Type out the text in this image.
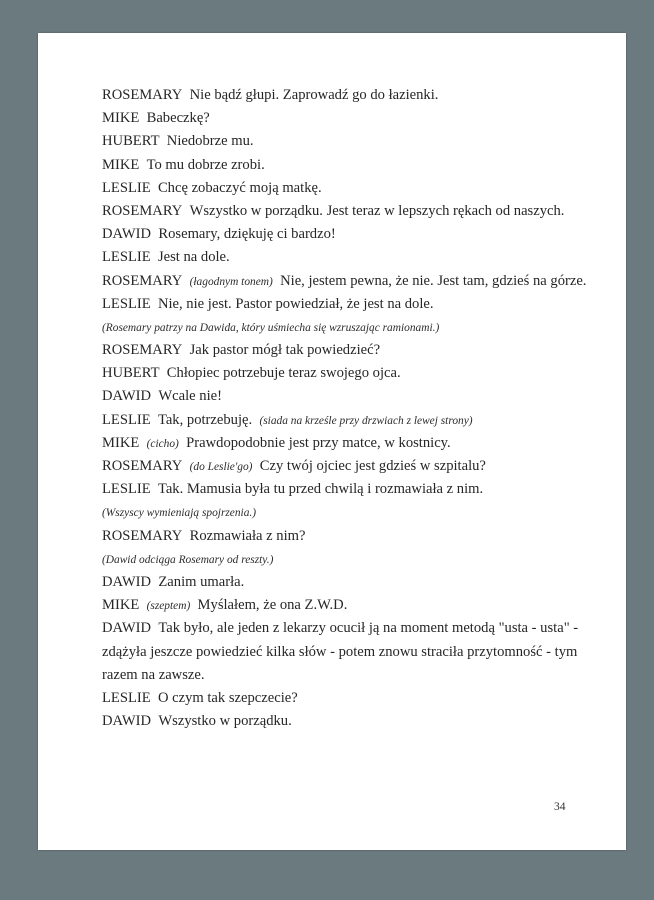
ROSEMARY Nie bądź głupi. Zaprowadź go do łazienki.
MIKE Babeczkę?
HUBERT Niedobrze mu.
MIKE To mu dobrze zrobi.
LESLIE Chcę zobaczyć moją matkę.
ROSEMARY Wszystko w porządku. Jest teraz w lepszych rękach od naszych.
DAWID Rosemary, dziękuję ci bardzo!
LESLIE Jest na dole.
ROSEMARY (łagodnym tonem) Nie, jestem pewna, że nie. Jest tam, gdzieś na górze.
LESLIE Nie, nie jest. Pastor powiedział, że jest na dole.
(Rosemary patrzy na Dawida, który uśmiecha się wzruszając ramionami.)
ROSEMARY Jak pastor mógł tak powiedzieć?
HUBERT Chłopiec potrzebuje teraz swojego ojca.
DAWID Wcale nie!
LESLIE Tak, potrzebuję. (siada na krześle przy drzwiach z lewej strony)
MIKE (cicho) Prawdopodobnie jest przy matce, w kostnicy.
ROSEMARY (do Leslie'go) Czy twój ojciec jest gdzieś w szpitalu?
LESLIE Tak. Mamusia była tu przed chwilą i rozmawiała z nim.
(Wszyscy wymieniają spojrzenia.)
ROSEMARY Rozmawiała z nim?
(Dawid odciąga Rosemary od reszty.)
DAWID Zanim umarła.
MIKE (szeptem) Myślałem, że ona Z.W.D.
DAWID Tak było, ale jeden z lekarzy ocucił ją na moment metodą "usta - usta" -
zdążyła jeszcze powiedzieć kilka słów - potem znowu straciła przytomność - tym
razem na zawsze.
LESLIE O czym tak szepczecie?
DAWID Wszystko w porządku.
34
